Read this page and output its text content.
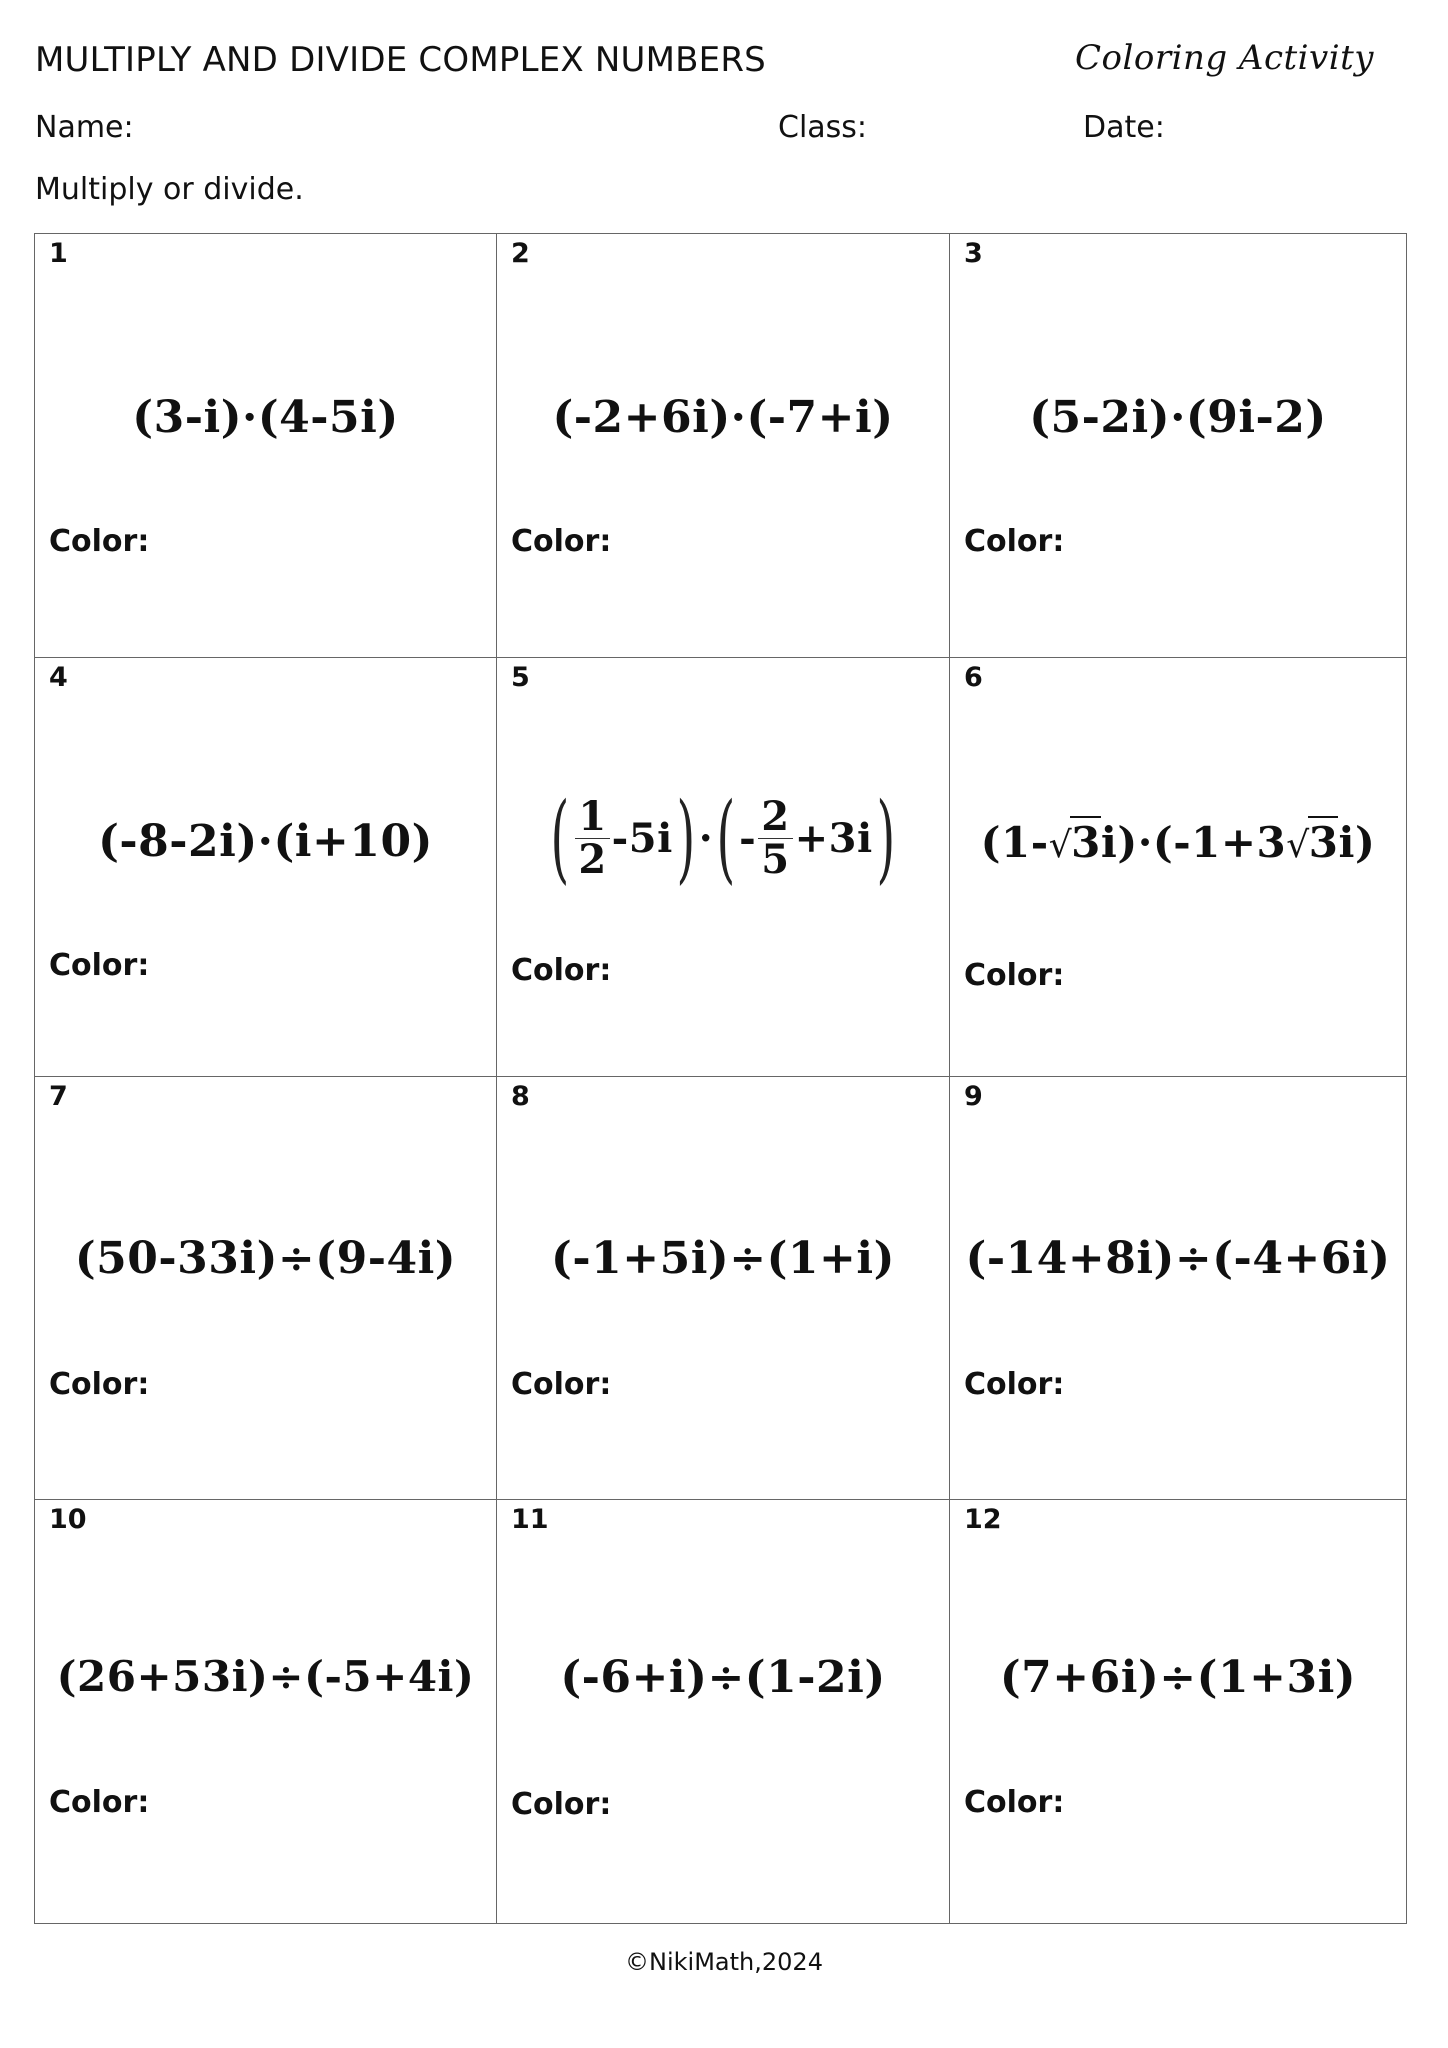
MULTIPLY AND DIVIDE COMPLEX NUMBERS	Coloring Activity
Name:	Class:	Date:
Multiply or divide.
1
(3-i)·(4-5i)
Color:
2
(-2+6i)·(-7+i)
Color:
3
(5-2i)·(9i-2)
Color:
4
(-8-2i)·(i+10)
Color:
5
( $\frac{1}{2} -5i$ ) · ( - $\frac{2}{5} +3i$ )
Color:
6
(1-√3i)·(-1+3√3i)
Color:
7
(50-33i)÷(9-4i)
Color:
8
(-1+5i)÷(1+i)
Color:
9
(-14+8i)÷(-4+6i)
Color:
10
(26+53i)÷(-5+4i)
Color:
11
(-6+i)÷(1-2i)
Color:
12
(7+6i)÷(1+3i)
Color:
©NikiMath,2024
